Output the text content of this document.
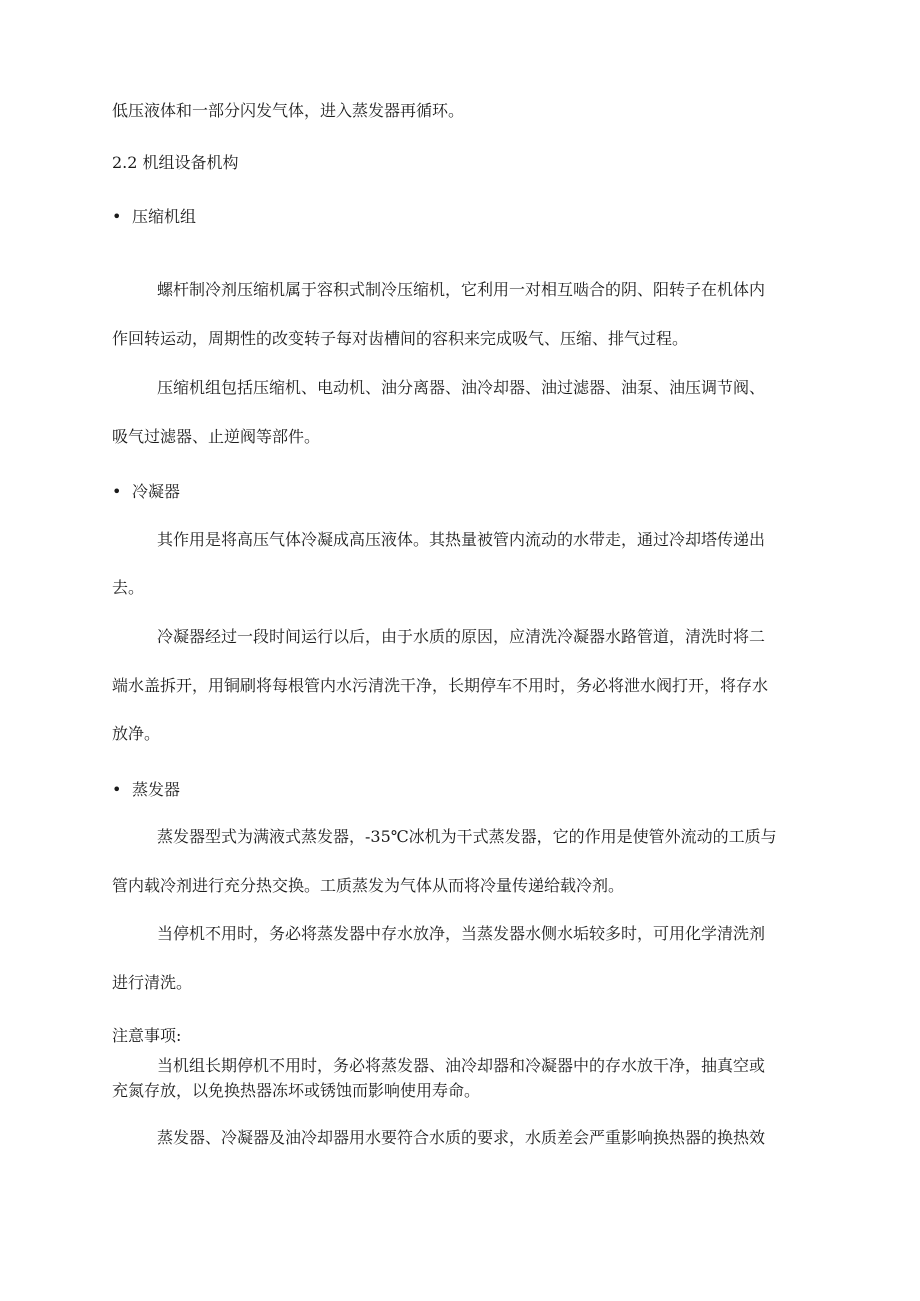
低压液体和一部分闪发气体，进入蒸发器再循环。
2.2 机组设备机构
• 压缩机组
螺杆制冷剂压缩机属于容积式制冷压缩机，它利用一对相互啮合的阴、阳转子在机体内
作回转运动，周期性的改变转子每对齿槽间的容积来完成吸气、压缩、排气过程。
压缩机组包括压缩机、电动机、油分离器、油冷却器、油过滤器、油泵、油压调节阀、
吸气过滤器、止逆阀等部件。
• 冷凝器
其作用是将高压气体冷凝成高压液体。其热量被管内流动的水带走，通过冷却塔传递出
去。
冷凝器经过一段时间运行以后，由于水质的原因，应清洗冷凝器水路管道，清洗时将二
端水盖拆开，用铜刷将每根管内水污清洗干净，长期停车不用时，务必将泄水阀打开，将存水
放净。
• 蒸发器
蒸发器型式为满液式蒸发器，-35℃冰机为干式蒸发器，它的作用是使管外流动的工质与
管内载冷剂进行充分热交换。工质蒸发为气体从而将冷量传递给载冷剂。
当停机不用时，务必将蒸发器中存水放净，当蒸发器水侧水垢较多时，可用化学清洗剂
进行清洗。
注意事项:
当机组长期停机不用时，务必将蒸发器、油冷却器和冷凝器中的存水放干净，抽真空或
充氮存放，以免换热器冻坏或锈蚀而影响使用寿命。
蒸发器、冷凝器及油冷却器用水要符合水质的要求，水质差会严重影响换热器的换热效
